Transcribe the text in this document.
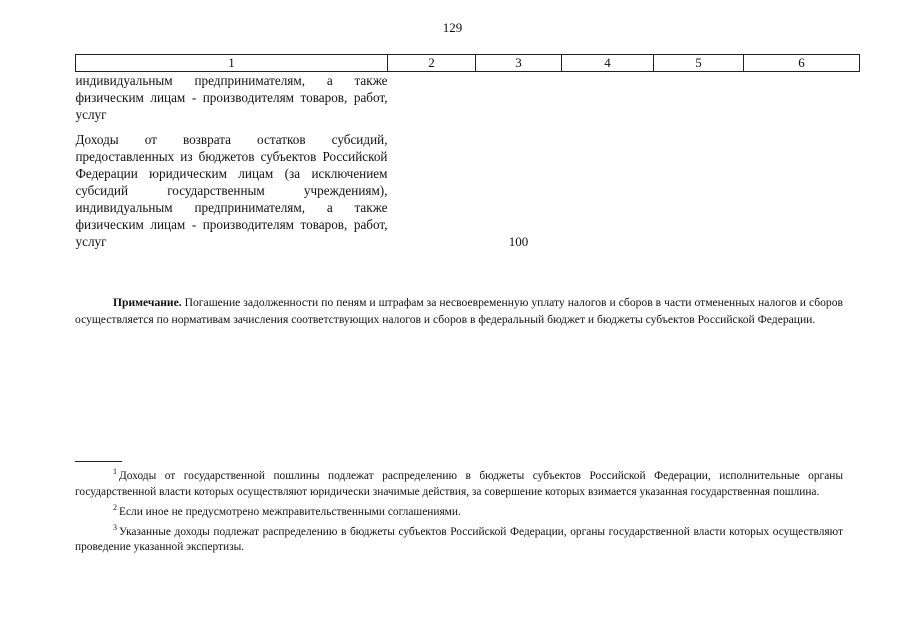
129
1	2	3	4	5	6
индивидуальным предпринимателям, а также физическим лицам - производителям товаров, работ, услуг					

Доходы от возврата остатков субсидий, предоставленных из бюджетов субъектов Российской Федерации юридическим лицам (за исключением субсидий государственным учреждениям), индивидуальным предпринимателям, а также физическим лицам - производителям товаров, работ, услуг		100			

Примечание. Погашение задолженности по пеням и штрафам за несвоевременную уплату налогов и сборов в части отмененных налогов и сборов осуществляется по нормативам зачисления соответствующих налогов и сборов в федеральный бюджет и бюджеты субъектов Российской Федерации.

$^1$ Доходы от государственной пошлины подлежат распределению в бюджеты субъектов Российской Федерации, исполнительные органы государственной власти которых осуществляют юридически значимые действия, за совершение которых взимается указанная государственная пошлина.

$^2$ Если иное не предусмотрено межправительственными соглашениями.

$^3$ Указанные доходы подлежат распределению в бюджеты субъектов Российской Федерации, органы государственной власти которых осуществляют проведение указанной экспертизы.
